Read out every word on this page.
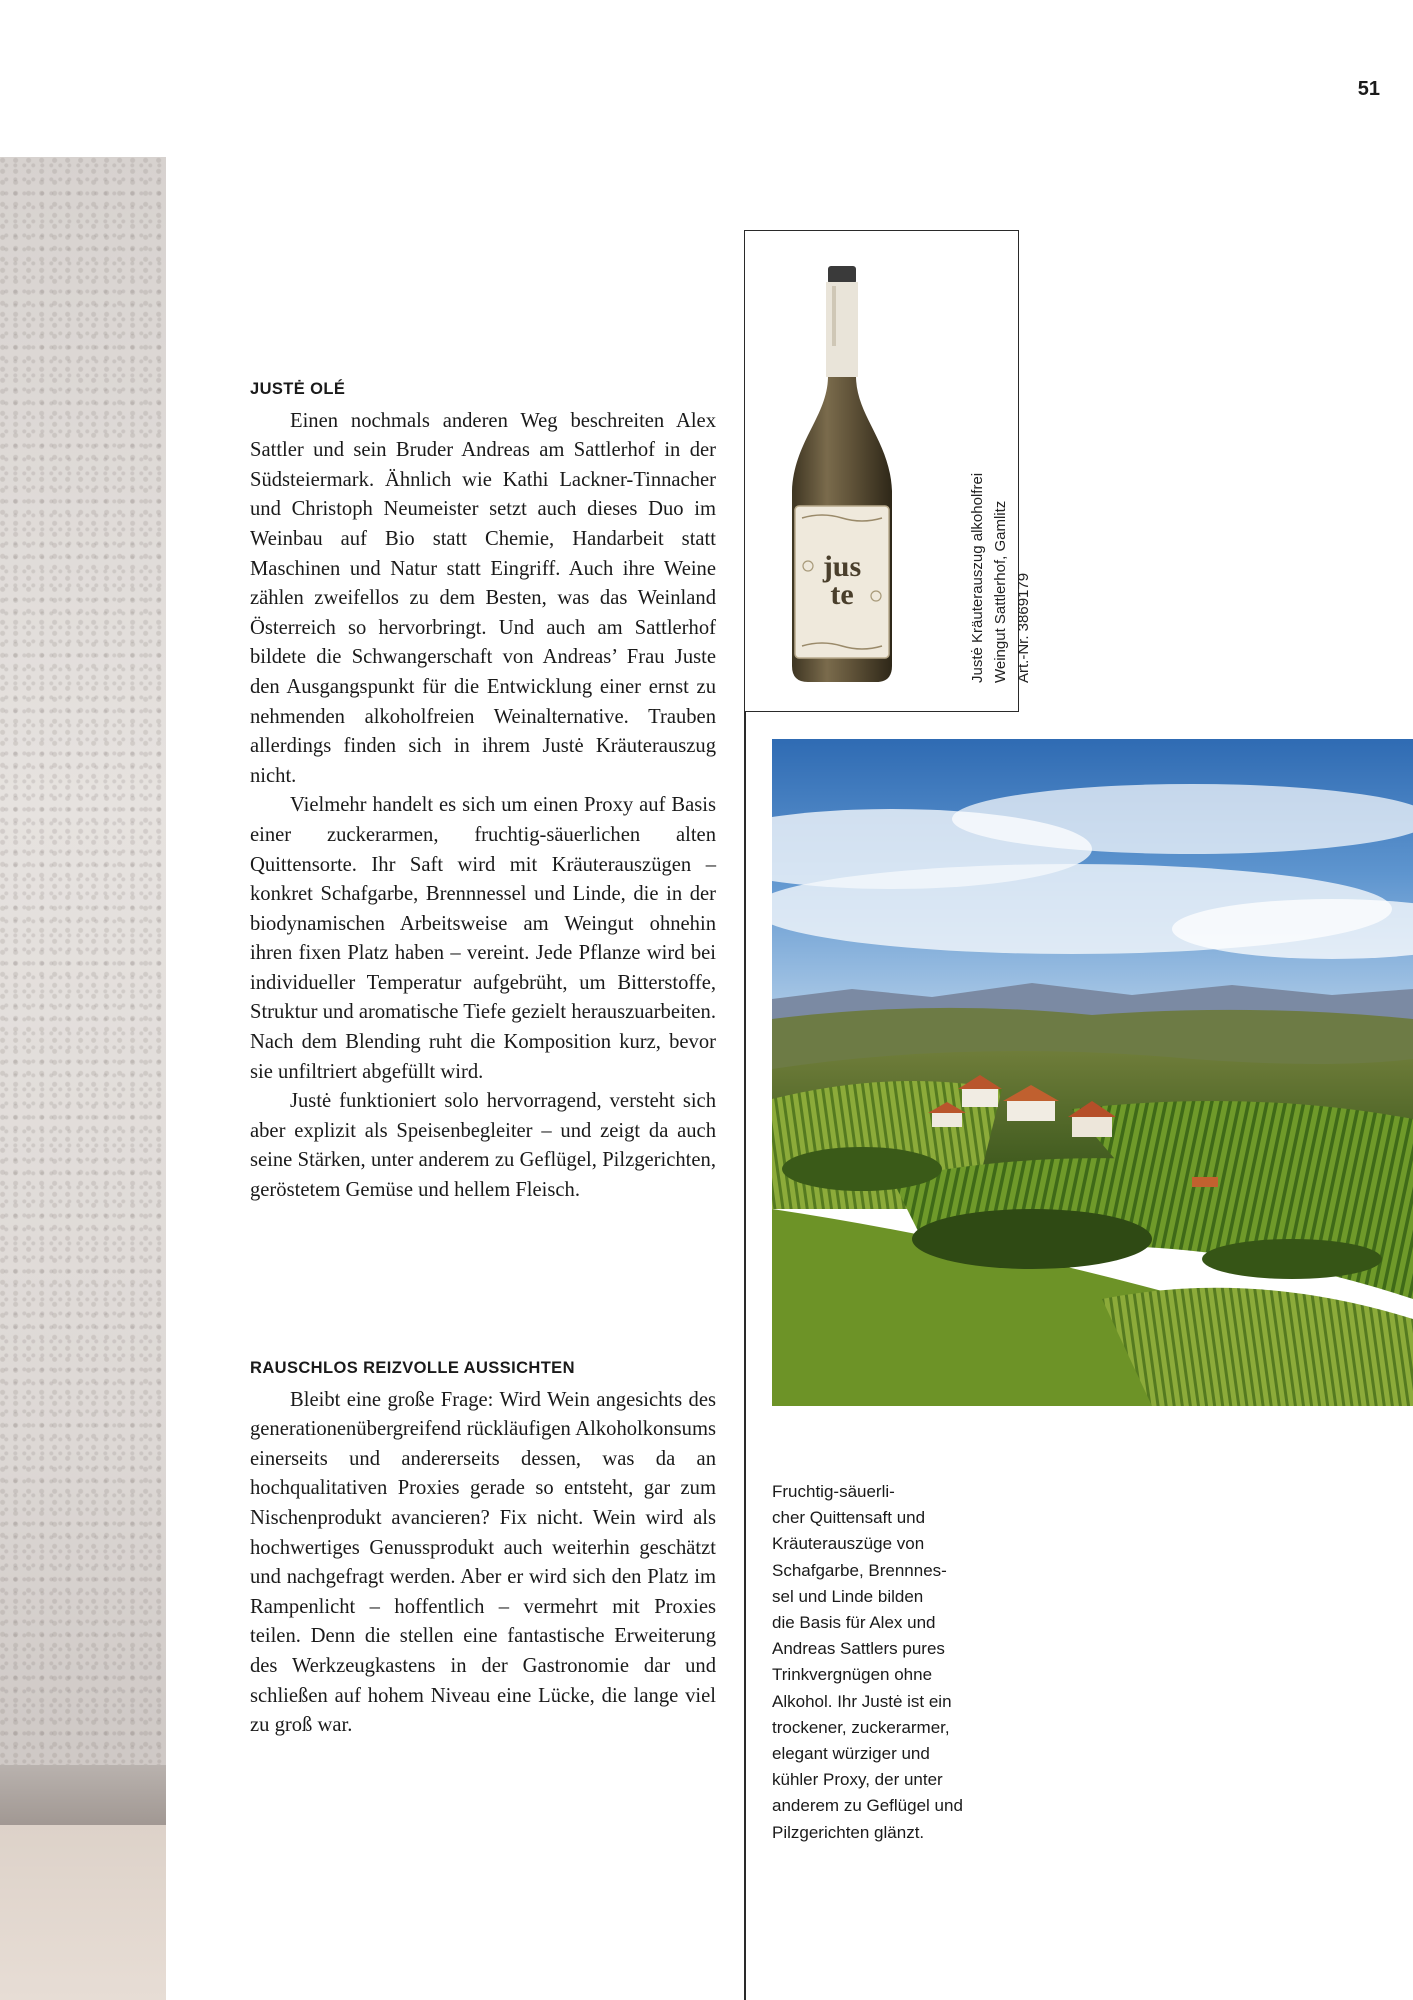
51
JUSTĖ OLÉ

Einen nochmals anderen Weg beschreiten Alex Sattler und sein Bruder Andreas am Sattlerhof in der Südsteiermark. Ähnlich wie Kathi Lackner-Tinnacher und Christoph Neumeister setzt auch dieses Duo im Weinbau auf Bio statt Chemie, Handarbeit statt Maschinen und Natur statt Eingriff. Auch ihre Weine zählen zweifellos zu dem Besten, was das Weinland Österreich so hervorbringt. Und auch am Sattlerhof bildete die Schwangerschaft von Andreas’ Frau Juste den Ausgangspunkt für die Entwicklung einer ernst zu nehmenden alkoholfreien Weinalternative. Trauben allerdings finden sich in ihrem Justė Kräuterauszug nicht.

Vielmehr handelt es sich um einen Proxy auf Basis einer zuckerarmen, fruchtig-säuerlichen alten Quittensorte. Ihr Saft wird mit Kräuterauszügen – konkret Schafgarbe, Brennnessel und Linde, die in der biodynamischen Arbeitsweise am Weingut ohnehin ihren fixen Platz haben – vereint. Jede Pflanze wird bei individueller Temperatur aufgebrüht, um Bitterstoffe, Struktur und aromatische Tiefe gezielt herauszuarbeiten. Nach dem Blending ruht die Komposition kurz, bevor sie unfiltriert abgefüllt wird.

Justė funktioniert solo hervorragend, versteht sich aber explizit als Speisenbegleiter – und zeigt da auch seine Stärken, unter anderem zu Geflügel, Pilzgerichten, geröstetem Gemüse und hellem Fleisch.

RAUSCHLOS REIZVOLLE AUSSICHTEN

Bleibt eine große Frage: Wird Wein angesichts des generationenübergreifend rückläufigen Alkoholkonsums einerseits und andererseits dessen, was da an hochqualitativen Proxies gerade so entsteht, gar zum Nischenprodukt avancieren? Fix nicht. Wein wird als hochwertiges Genussprodukt auch weiterhin geschätzt und nachgefragt werden. Aber er wird sich den Platz im Rampenlicht – hoffentlich – vermehrt mit Proxies teilen. Denn die stellen eine fantastische Erweiterung des Werkzeugkastens in der Gastronomie dar und schließen auf hohem Niveau eine Lücke, die lange viel zu groß war.

jus
te	Justė Kräuterauszug alkoholfrei Weingut Sattlerhof, Gamlitz Art.-Nr. 3869179
Fruchtig-säuerli-
cher Quittensaft und
Kräuterauszüge von
Schafgarbe, Brennnes-
sel und Linde bilden
die Basis für Alex und
Andreas Sattlers pures
Trinkvergnügen ohne
Alkohol. Ihr Justė ist ein
trockener, zuckerarmer,
elegant würziger und
kühler Proxy, der unter
anderem zu Geflügel und
Pilzgerichten glänzt.
